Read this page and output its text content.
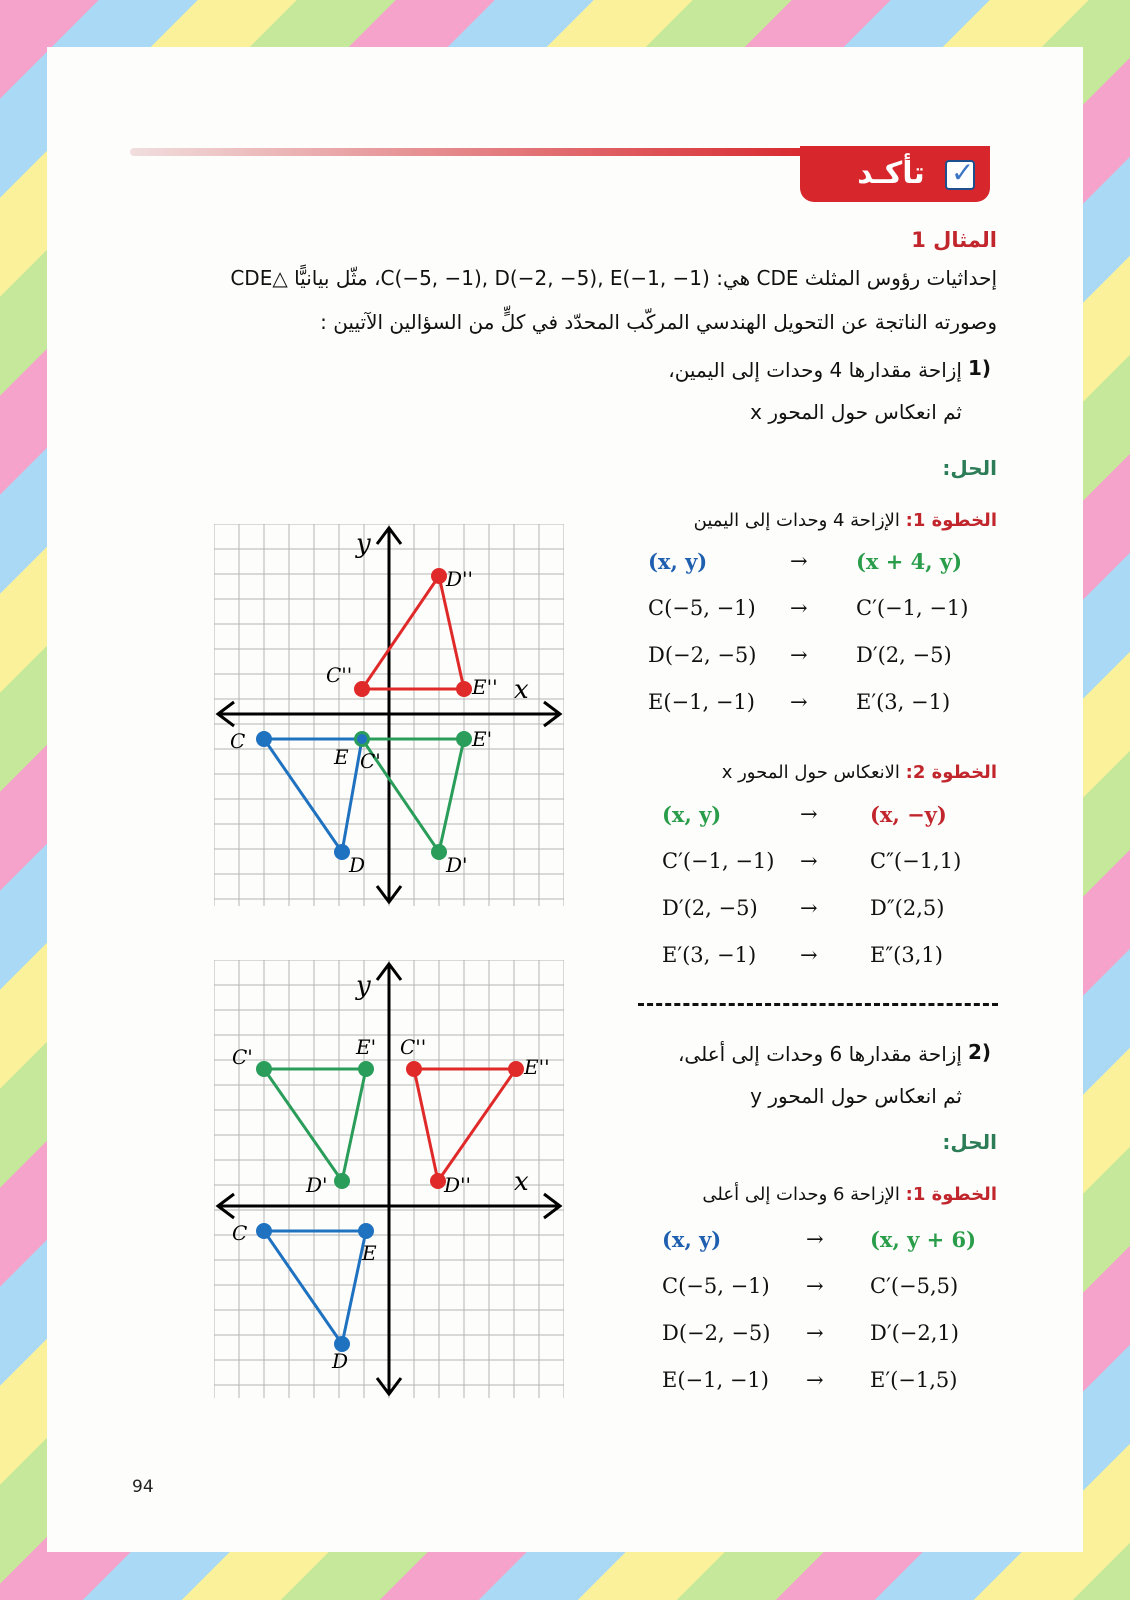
تأكـد ✓
المثال 1
إحداثيات رؤوس المثلث CDE هي: C(−5, −1), D(−2, −5), E(−1, −1)، مثّل بيانيًّا △CDE
وصورته الناتجة عن التحويل الهندسي المركّب المحدّد في كلٍّ من السؤالين الآتيين :
1)
إزاحة مقدارها 4 وحدات إلى اليمين،
ثم انعكاس حول المحور x
الحل:
الخطوة 1: الإزاحة 4 وحدات إلى اليمين
(x, y)	→ (x + 4, y)
C(−5, −1) → C′(−1, −1)
D(−2, −5) → D′(2, −5)
E(−1, −1) → E′(3, −1)
الخطوة 2: الانعكاس حول المحور x
(x, y)	→ (x, −y)
C′(−1, −1) → C″(−1,1)
D′(2, −5) → D″(2,5)
E′(3, −1) → E″(3,1)
2)
إزاحة مقدارها 6 وحدات إلى أعلى،
ثم انعكاس حول المحور y
الحل:
الخطوة 1: الإزاحة 6 وحدات إلى أعلى
(x, y)	→ (x, y + 6)
C(−5, −1) → C′(−5,5)
D(−2, −5) → D′(−2,1)
E(−1, −1) → E′(−1,5)
x
y
C
D
E C'
D'
E'
C''
D''
E''
x
y
C
D
E
C'
D'
E' C''
D''
E''
94
